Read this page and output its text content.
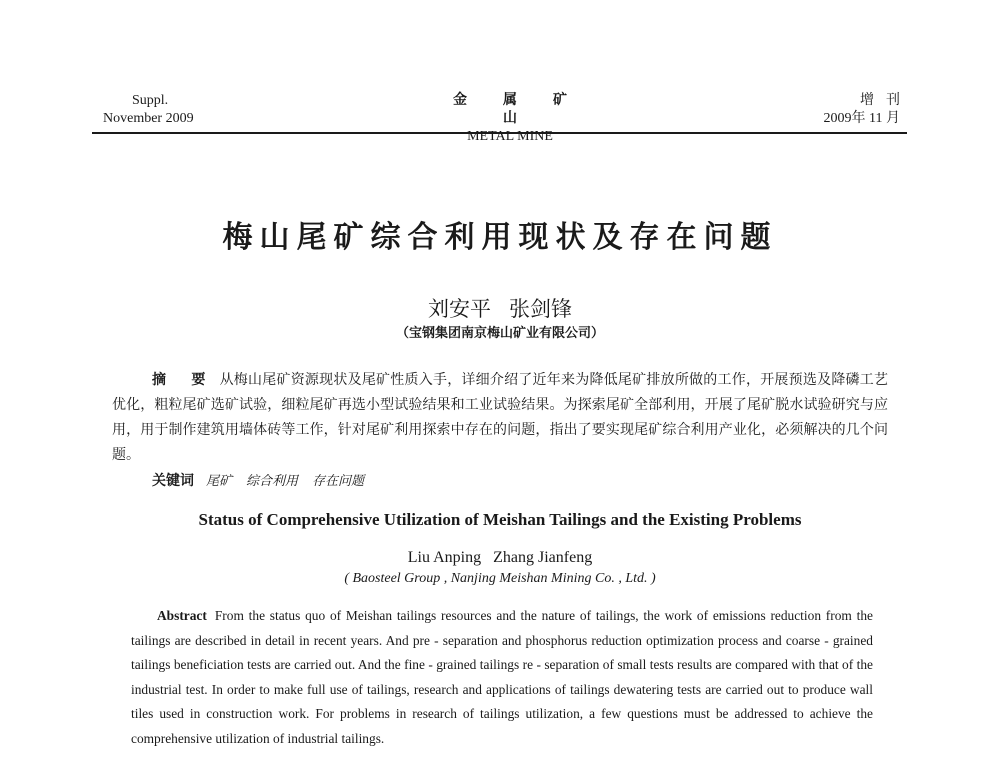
Suppl.
November 2009
金属矿山
METAL MINE
增刊
2009年 11 月
梅山尾矿综合利用现状及存在问题
刘安平 张剑锋
（宝钢集团南京梅山矿业有限公司）
摘 要 从梅山尾矿资源现状及尾矿性质入手，详细介绍了近年来为降低尾矿排放所做的工作，开展预选及降磷工艺优化，粗粒尾矿选矿试验，细粒尾矿再选小型试验结果和工业试验结果。为探索尾矿全部利用，开展了尾矿脱水试验研究与应用，用于制作建筑用墙体砖等工作，针对尾矿利用探索中存在的问题，指出了要实现尾矿综合利用产业化，必须解决的几个问题。
关键词 尾矿 综合利用 存在问题
Status of Comprehensive Utilization of Meishan Tailings and the Existing Problems
Liu Anping Zhang Jianfeng
( Baosteel Group , Nanjing Meishan Mining Co. , Ltd. )
Abstract From the status quo of Meishan tailings resources and the nature of tailings, the work of emissions reduction from the tailings are described in detail in recent years. And pre - separation and phosphorus reduction optimization process and coarse - grained tailings beneficiation tests are carried out. And the fine - grained tailings re - separation of small tests results are compared with that of the industrial test. In order to make full use of tailings, research and applications of tailings dewatering tests are carried out to produce wall tiles used in construction work. For problems in research of tailings utilization, a few questions must be addressed to achieve the comprehensive utilization of industrial tailings.
